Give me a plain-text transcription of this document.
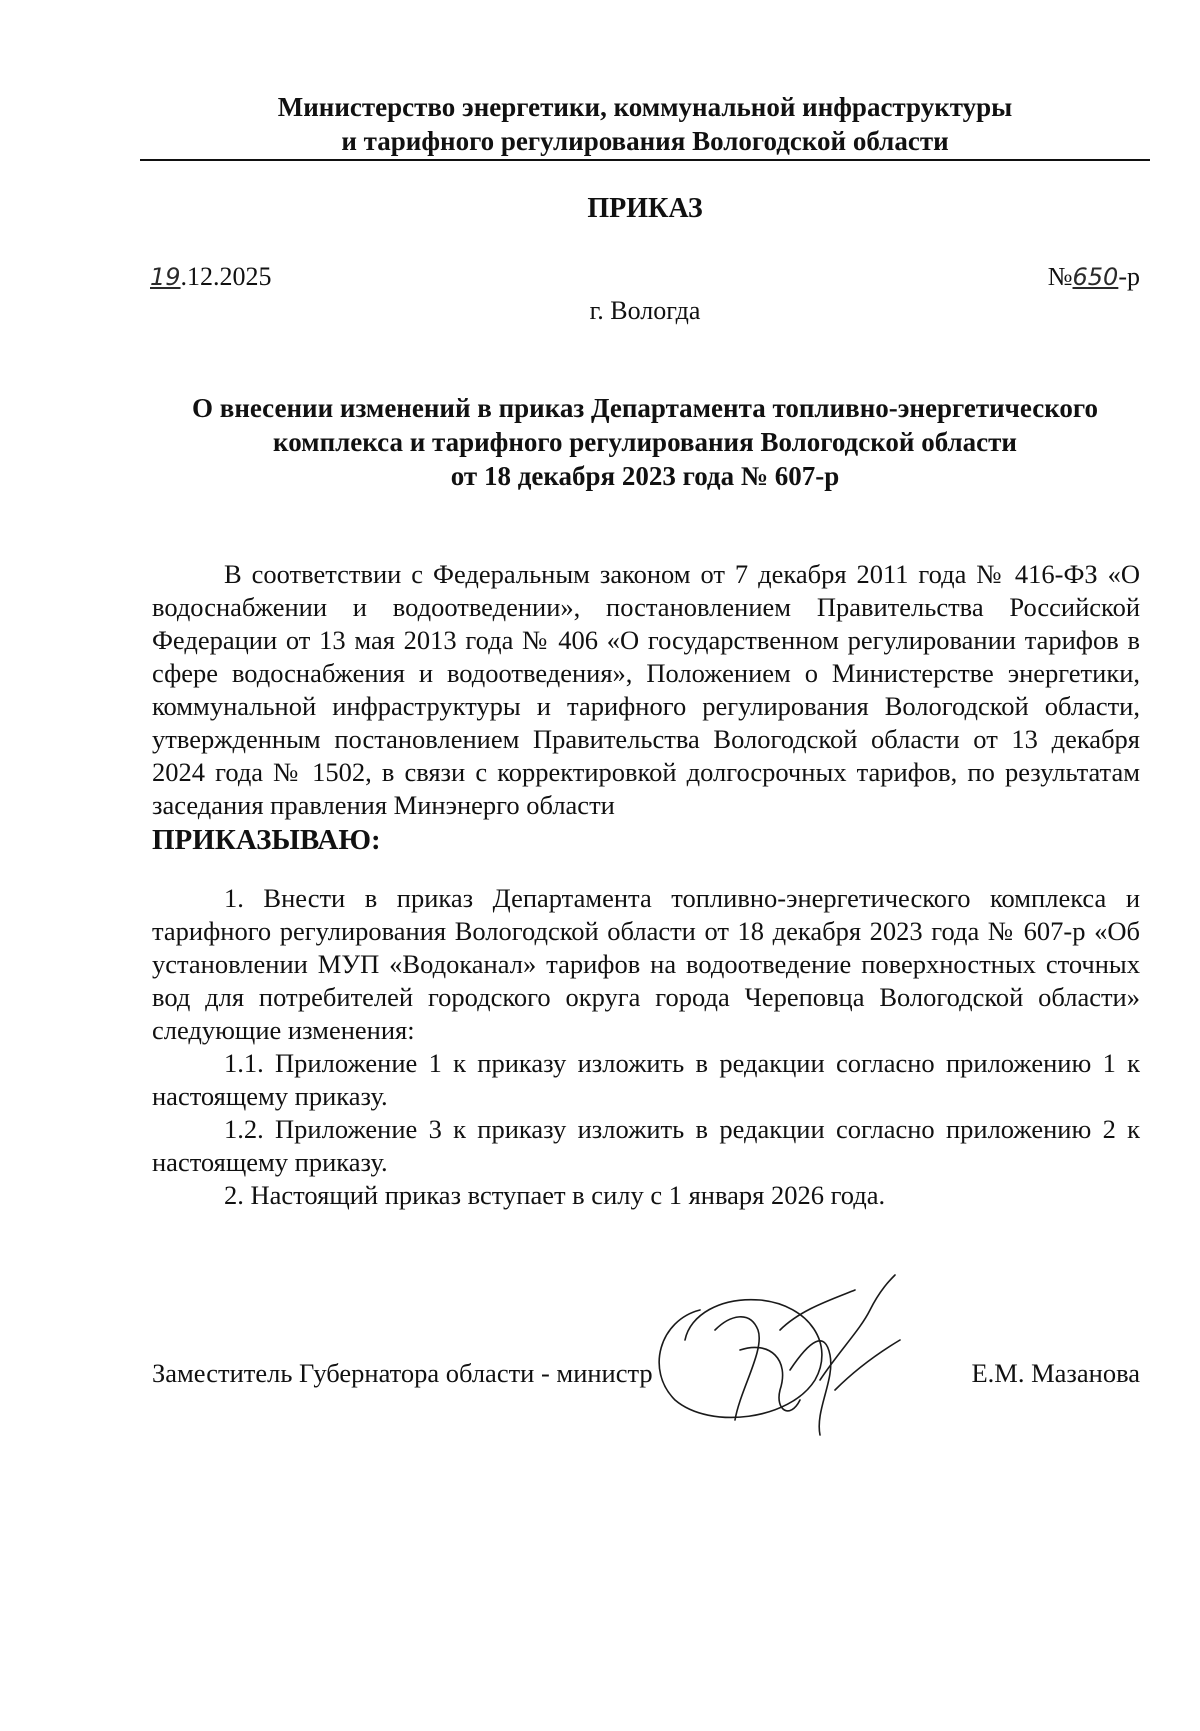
Министерство энергетики, коммунальной инфраструктуры
и тарифного регулирования Вологодской области
ПРИКАЗ
19.12.2025	№650-р
г. Вологда
О внесении изменений в приказ Департамента топливно-энергетического
комплекса и тарифного регулирования Вологодской области
от 18 декабря 2023 года № 607-р

В соответствии с Федеральным законом от 7 декабря 2011 года № 416-ФЗ «О водоснабжении и водоотведении», постановлением Правительства Российской Федерации от 13 мая 2013 года № 406 «О государственном регулировании тарифов в сфере водоснабжения и водоотведения», Положением о Министерстве энергетики, коммунальной инфраструктуры и тарифного регулирования Вологодской области, утвержденным постановлением Правительства Вологодской области от 13 декабря 2024 года № 1502, в связи с корректировкой долгосрочных тарифов, по результатам заседания правления Минэнерго области

ПРИКАЗЫВАЮ:

1. Внести в приказ Департамента топливно-энергетического комплекса и тарифного регулирования Вологодской области от 18 декабря 2023 года № 607-р «Об установлении МУП «Водоканал» тарифов на водоотведение поверхностных сточных вод для потребителей городского округа города Череповца Вологодской области» следующие изменения:

1.1. Приложение 1 к приказу изложить в редакции согласно приложению 1 к настоящему приказу.

1.2. Приложение 3 к приказу изложить в редакции согласно приложению 2 к настоящему приказу.

2. Настоящий приказ вступает в силу с 1 января 2026 года.

Заместитель Губернатора области - министр	Е.М. Мазанова
